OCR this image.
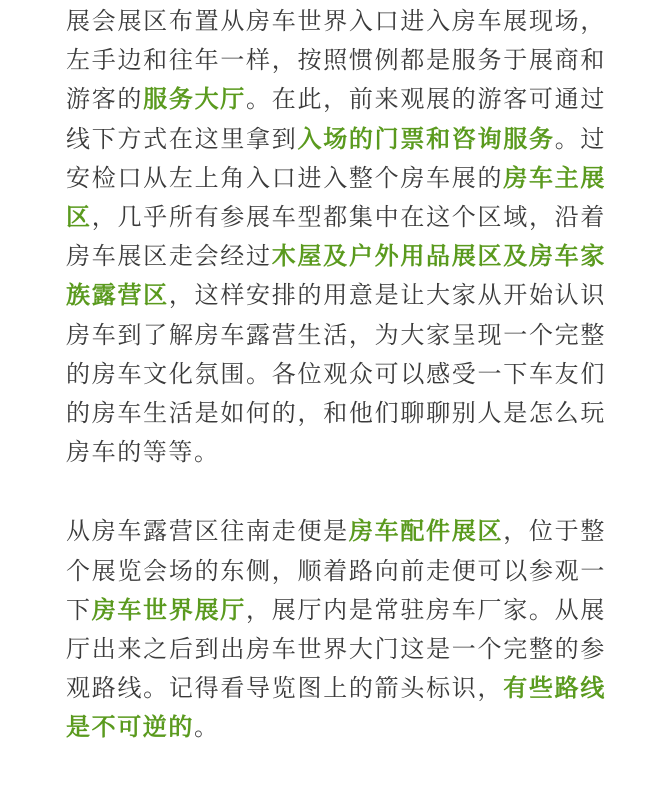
展会展区布置从房车世界入口进入房车展现场，左手边和往年一样，按照惯例都是服务于展商和游客的服务大厅。在此，前来观展的游客可通过线下方式在这里拿到入场的门票和咨询服务。过安检口从左上角入口进入整个房车展的房车主展区，几乎所有参展车型都集中在这个区域，沿着房车展区走会经过木屋及户外用品展区及房车家族露营区，这样安排的用意是让大家从开始认识房车到了解房车露营生活，为大家呈现一个完整的房车文化氛围。各位观众可以感受一下车友们的房车生活是如何的，和他们聊聊别人是怎么玩房车的等等。

从房车露营区往南走便是房车配件展区，位于整个展览会场的东侧，顺着路向前走便可以参观一下房车世界展厅，展厅内是常驻房车厂家。从展厅出来之后到出房车世界大门这是一个完整的参观路线。记得看导览图上的箭头标识，有些路线是不可逆的。
